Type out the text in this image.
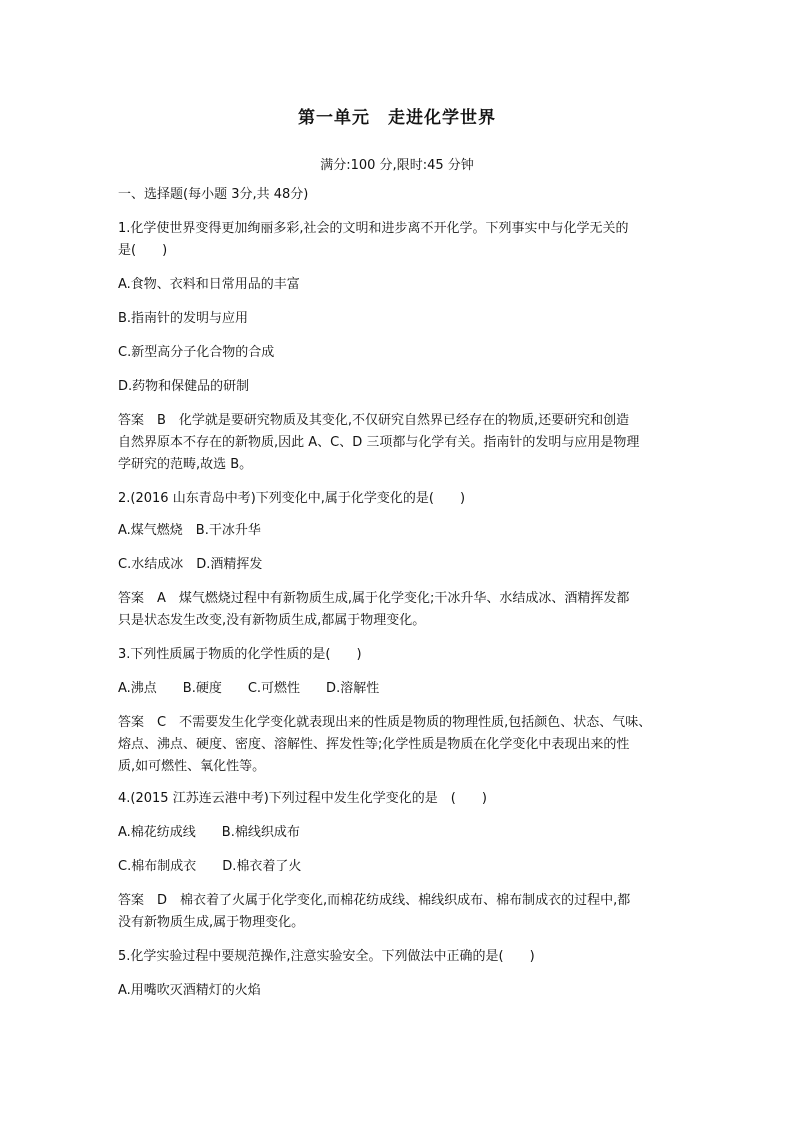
第一单元　走进化学世界
满分:100 分,限时:45 分钟
一、选择题(每小题 3分,共 48分)
1.化学使世界变得更加绚丽多彩,社会的文明和进步离不开化学。下列事实中与化学无关的
是(　　)
A.食物、衣料和日常用品的丰富
B.指南针的发明与应用
C.新型高分子化合物的合成
D.药物和保健品的研制
答案　B　化学就是要研究物质及其变化,不仅研究自然界已经存在的物质,还要研究和创造
自然界原本不存在的新物质,因此 A、C、D 三项都与化学有关。指南针的发明与应用是物理
学研究的范畴,故选 B。
2.(2016 山东青岛中考)下列变化中,属于化学变化的是(　　)
A.煤气燃烧　B.干冰升华
C.水结成冰　D.酒精挥发
答案　A　煤气燃烧过程中有新物质生成,属于化学变化;干冰升华、水结成冰、酒精挥发都
只是状态发生改变,没有新物质生成,都属于物理变化。
3.下列性质属于物质的化学性质的是(　　)
A.沸点　　B.硬度　　C.可燃性　　D.溶解性
答案　C　不需要发生化学变化就表现出来的性质是物质的物理性质,包括颜色、状态、气味、
熔点、沸点、硬度、密度、溶解性、挥发性等;化学性质是物质在化学变化中表现出来的性
质,如可燃性、氧化性等。
4.(2015 江苏连云港中考)下列过程中发生化学变化的是　(　　)
A.棉花纺成线　　B.棉线织成布
C.棉布制成衣　　D.棉衣着了火
答案　D　棉衣着了火属于化学变化,而棉花纺成线、棉线织成布、棉布制成衣的过程中,都
没有新物质生成,属于物理变化。
5.化学实验过程中要规范操作,注意实验安全。下列做法中正确的是(　　)
A.用嘴吹灭酒精灯的火焰
